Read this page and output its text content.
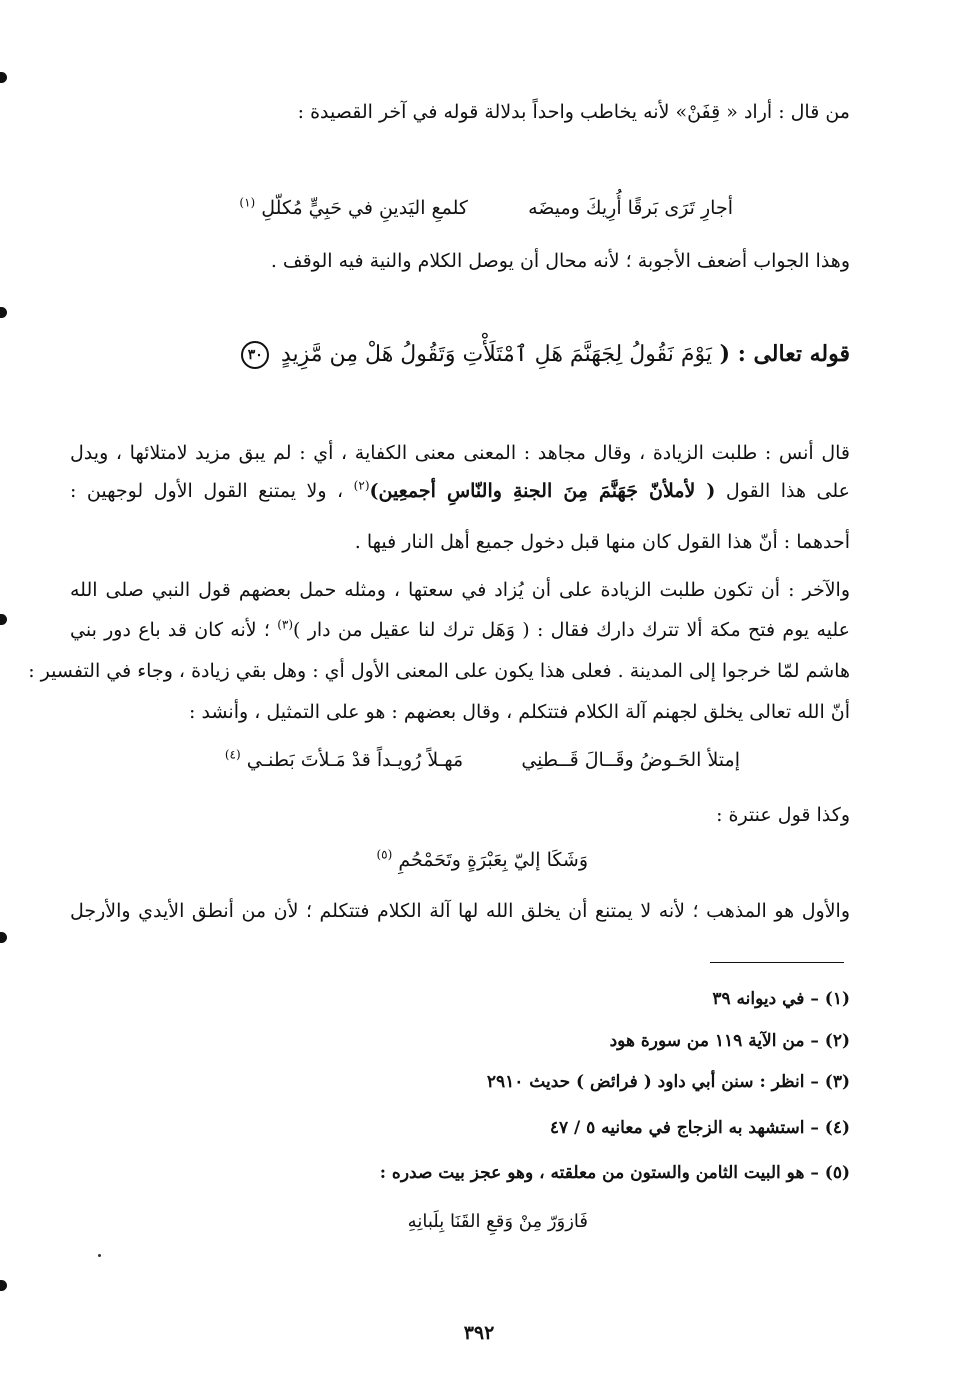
من قال : أراد « قِفَنْ» لأنه يخاطب واحداً بدلالة قوله في آخر القصيدة :
أجارِ تَرَى بَرقًا أُرِيكَ وميضَه  كلمعِ اليَدينِ في حَبِيٍّ مُكلّلِ $^{(١)}$
وهذا الجواب أضعف الأجوبة ؛ لأنه محال أن يوصل الكلام والنية فيه الوقف .
قوله تعالى : ( يَوْمَ نَقُولُ لِجَهَنَّمَ هَلِ ٱمْتَلَأْتِ وَتَقُولُ هَلْ مِن مَّزِيدٍ ٣٠
قال أنس : طلبت الزيادة ، وقال مجاهد : المعنى معنى الكفاية ، أي : لم يبق مزيد لامتلائها ، ويدل
على هذا القول ( لأملأنّ جَهَنَّمَ مِنَ الجنةِ والنّاسِ أجمعِين)$^{(٢)}$ ، ولا يمتنع القول الأول لوجهين :
أحدهما : أنّ هذا القول كان منها قبل دخول جميع أهل النار فيها .
والآخر : أن تكون طلبت الزيادة على أن يُزاد في سعتها ، ومثله حمل بعضهم قول النبي صلى الله
عليه يوم فتح مكة ألا تترك دارك فقال : ( وَهَل ترك لنا عقيل من دار )$^{(٣)}$ ؛ لأنه كان قد باع دور بني
هاشم لمّا خرجوا إلى المدينة . فعلى هذا يكون على المعنى الأول أي : وهل بقي زيادة ، وجاء في التفسير :
أنّ الله تعالى يخلق لجهنم آلة الكلام فتتكلم ، وقال بعضهم : هو على التمثيل ، وأنشد :
إمتلأ الحَـوضُ وقَــالَ قَــطنِي  مَهـلاً رُويـداً قدْ مَـلأتَ بَطنـي $^{(٤)}$
وكذا قول عنترة :
وَشَكَا إليّ بِعَبْرَةٍ وتَحَمْحُمِ $^{(٥)}$
والأول هو المذهب ؛ لأنه لا يمتنع أن يخلق الله لها آلة الكلام فتتكلم ؛ لأن من أنطق الأيدي والأرجل
(١) – في ديوانه ٣٩
(٢) – من الآية ١١٩ من سورة هود
(٣) – انظر : سنن أبي داود ( فرائض ) حديث ٢٩١٠
(٤) – استشهد به الزجاج في معانيه ٥ / ٤٧
(٥) – هو البيت الثامن والستون من معلقته ، وهو عجز بيت صدره :
فَازوَرّ مِنْ وَقعِ القَنَا بِلَبانِهِ
٣٩٢
